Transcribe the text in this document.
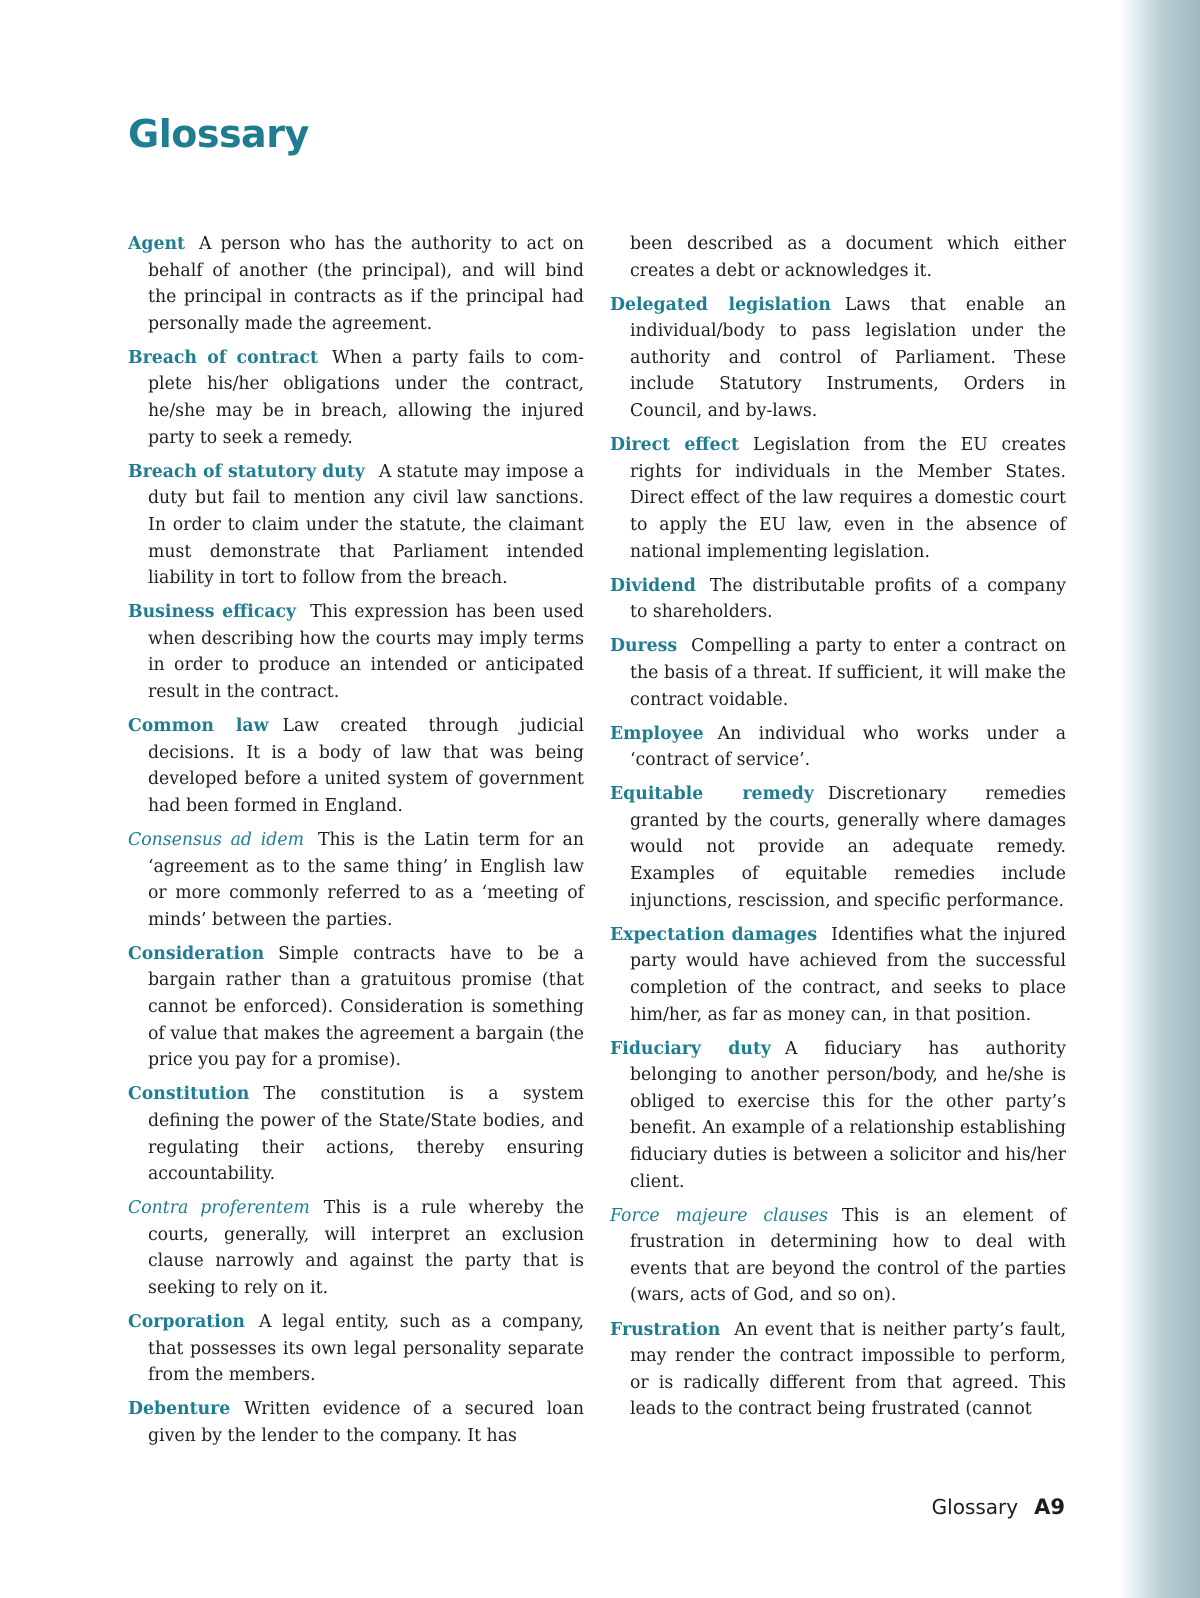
Glossary

Agent A person who has the authority to act on behalf of another (the principal), and will bind the principal in contracts as if the principal had personally made the agreement.

Breach of contract When a party fails to complete his/her obligations under the contract, he/she may be in breach, allowing the injured party to seek a remedy.

Breach of statutory duty A statute may impose a duty but fail to mention any civil law sanctions. In order to claim under the statute, the claimant must demonstrate that Parliament intended liability in tort to follow from the breach.

Business efficacy This expression has been used when describing how the courts may imply terms in order to produce an intended or anticipated result in the contract.

Common law Law created through judicial decisions. It is a body of law that was being developed before a united system of government had been formed in England.

Consensus ad idem This is the Latin term for an ‘agreement as to the same thing’ in English law or more commonly referred to as a ‘meeting of minds’ between the parties.

Consideration Simple contracts have to be a bargain rather than a gratuitous promise (that cannot be enforced). Consideration is something of value that makes the agreement a bargain (the price you pay for a promise).

Constitution The constitution is a system defining the power of the State/State bodies, and regulating their actions, thereby ensuring accountability.

Contra proferentem This is a rule whereby the courts, generally, will interpret an exclusion clause narrowly and against the party that is seeking to rely on it.

Corporation A legal entity, such as a company, that possesses its own legal personality separate from the members.

Debenture Written evidence of a secured loan given by the lender to the company. It has

been described as a document which either creates a debt or acknowledges it.

Delegated legislation Laws that enable an individual/body to pass legislation under the authority and control of Parliament. These include Statutory Instruments, Orders in Council, and by-laws.

Direct effect Legislation from the EU creates rights for individuals in the Member States. Direct effect of the law requires a domestic court to apply the EU law, even in the absence of national implementing legislation.

Dividend The distributable profits of a company to shareholders.

Duress Compelling a party to enter a contract on the basis of a threat. If sufficient, it will make the contract voidable.

Employee An individual who works under a ‘contract of service’.

Equitable remedy Discretionary remedies granted by the courts, generally where damages would not provide an adequate remedy. Examples of equitable remedies include injunctions, rescission, and specific performance.

Expectation damages Identifies what the injured party would have achieved from the successful completion of the contract, and seeks to place him/her, as far as money can, in that position.

Fiduciary duty A fiduciary has authority belonging to another person/body, and he/she is obliged to exercise this for the other party’s benefit. An example of a relationship establishing fiduciary duties is between a solicitor and his/her client.

Force majeure clauses This is an element of frustration in determining how to deal with events that are beyond the control of the parties (wars, acts of God, and so on).

Frustration An event that is neither party’s fault, may render the contract impossible to perform, or is radically different from that agreed. This leads to the contract being frustrated (cannot

Glossary A9
